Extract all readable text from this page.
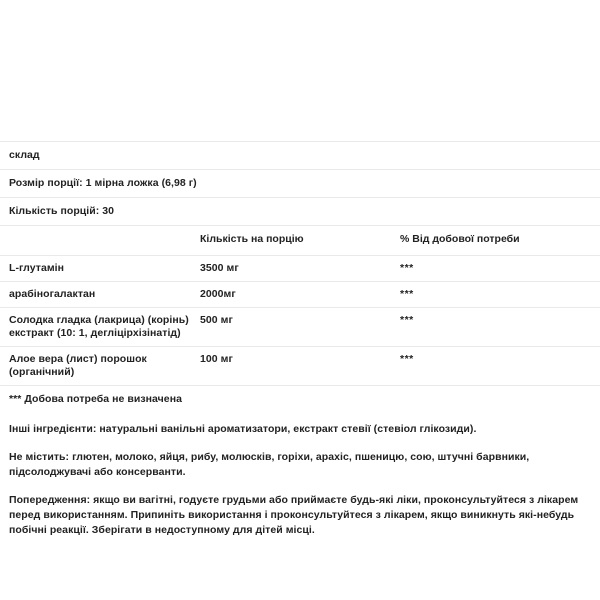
склад		
Розмір порції: 1 мірна ложка (6,98 г)		
Кількість порцій: 30		
	Кількість на порцію	% Від добової потреби
L-глутамін	3500 мг	***
арабіногалактан	2000мг	***
Солодка гладка (лакрица) (корінь) екстракт (10: 1, дегліцірхізінатід)	500 мг	***
Алое вера (лист) порошок (органічний)	100 мг	***
*** Добова потреба не визначена		

Інші інгредієнти: натуральні ванільні ароматизатори, екстракт стевії (стевіол глікозиди).

Не містить: глютен, молоко, яйця, рибу, молюсків, горіхи, арахіс, пшеницю, сою, штучні барвники, підсолоджувачі або консерванти.

Попередження: якщо ви вагітні, годуєте грудьми або приймаєте будь-які ліки, проконсультуйтеся з лікарем перед використанням. Припиніть використання і проконсультуйтеся з лікарем, якщо виникнуть які-небудь побічні реакції. Зберігати в недоступному для дітей місці.
